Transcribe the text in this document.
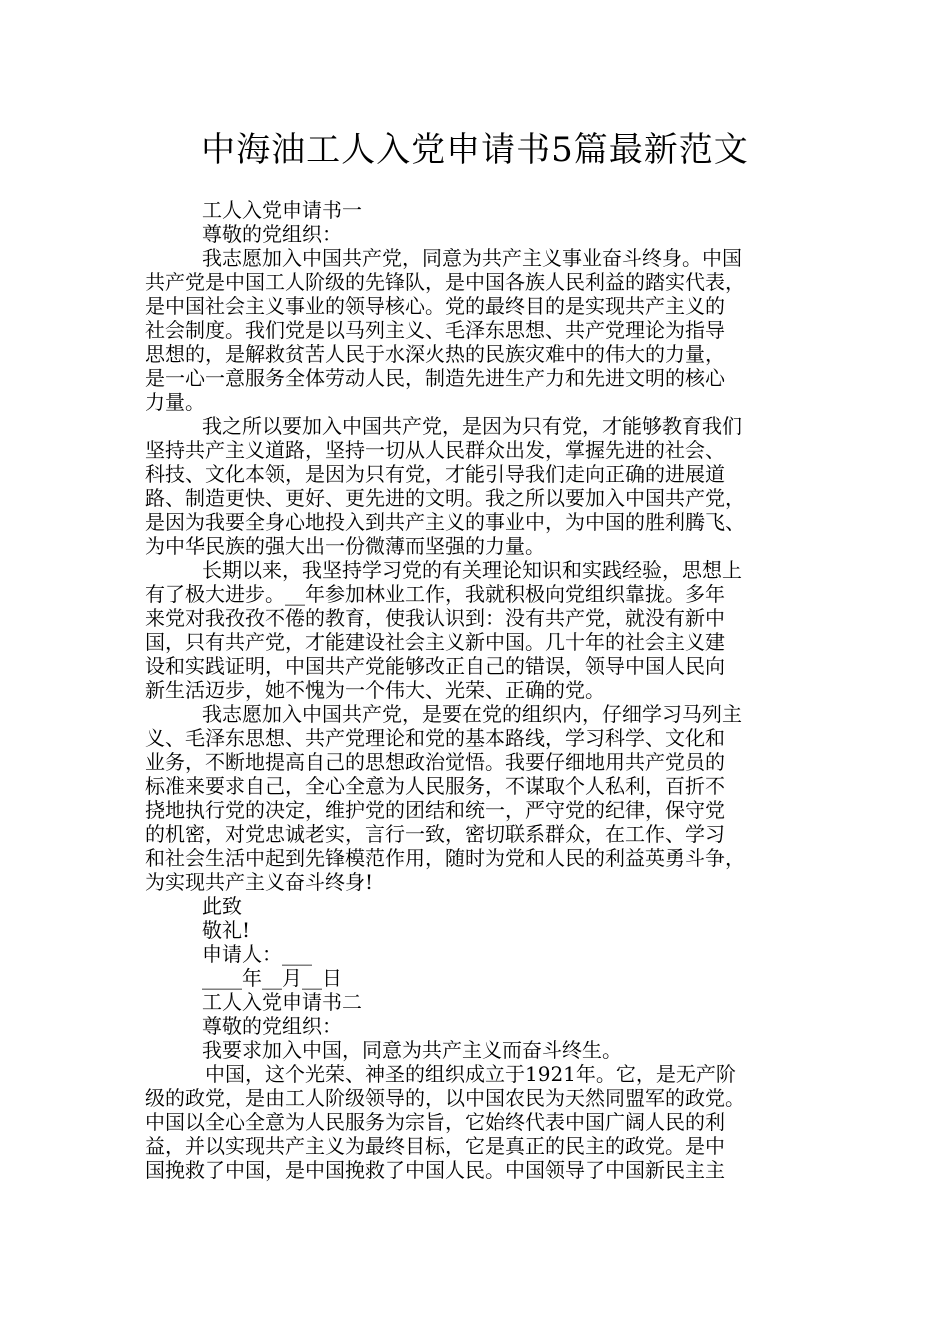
中海油工人入党申请书5篇最新范文

工人入党申请书一

尊敬的党组织：

我志愿加入中国共产党，同意为共产主义事业奋斗终身。中国

共产党是中国工人阶级的先锋队，是中国各族人民利益的踏实代表，

是中国社会主义事业的领导核心。党的最终目的是实现共产主义的

社会制度。我们党是以马列主义、毛泽东思想、共产党理论为指导

思想的，是解救贫苦人民于水深火热的民族灾难中的伟大的力量，

是一心一意服务全体劳动人民，制造先进生产力和先进文明的核心

力量。

我之所以要加入中国共产党，是因为只有党，才能够教育我们

坚持共产主义道路，坚持一切从人民群众出发，掌握先进的社会、

科技、文化本领，是因为只有党，才能引导我们走向正确的进展道

路、制造更快、更好、更先进的文明。我之所以要加入中国共产党，

是因为我要全身心地投入到共产主义的事业中，为中国的胜利腾飞、

为中华民族的强大出一份微薄而坚强的力量。

长期以来，我坚持学习党的有关理论知识和实践经验，思想上

有了极大进步。__年参加林业工作，我就积极向党组织靠拢。多年

来党对我孜孜不倦的教育，使我认识到：没有共产党，就没有新中

国，只有共产党，才能建设社会主义新中国。几十年的社会主义建

设和实践证明，中国共产党能够改正自己的错误，领导中国人民向

新生活迈步，她不愧为一个伟大、光荣、正确的党。

我志愿加入中国共产党，是要在党的组织内，仔细学习马列主

义、毛泽东思想、共产党理论和党的基本路线，学习科学、文化和

业务，不断地提高自己的思想政治觉悟。我要仔细地用共产党员的

标准来要求自己，全心全意为人民服务，不谋取个人私利，百折不

挠地执行党的决定，维护党的团结和统一，严守党的纪律，保守党

的机密，对党忠诚老实，言行一致，密切联系群众，在工作、学习

和社会生活中起到先锋模范作用，随时为党和人民的利益英勇斗争，

为实现共产主义奋斗终身!

此致

敬礼!

申请人：___

____年__月__日

工人入党申请书二

尊敬的党组织：

我要求加入中国，同意为共产主义而奋斗终生。

中国，这个光荣、神圣的组织成立于1921年。它，是无产阶

级的政党，是由工人阶级领导的，以中国农民为天然同盟军的政党。

中国以全心全意为人民服务为宗旨，它始终代表中国广阔人民的利

益，并以实现共产主义为最终目标，它是真正的民主的政党。是中

国挽救了中国，是中国挽救了中国人民。中国领导了中国新民主主
